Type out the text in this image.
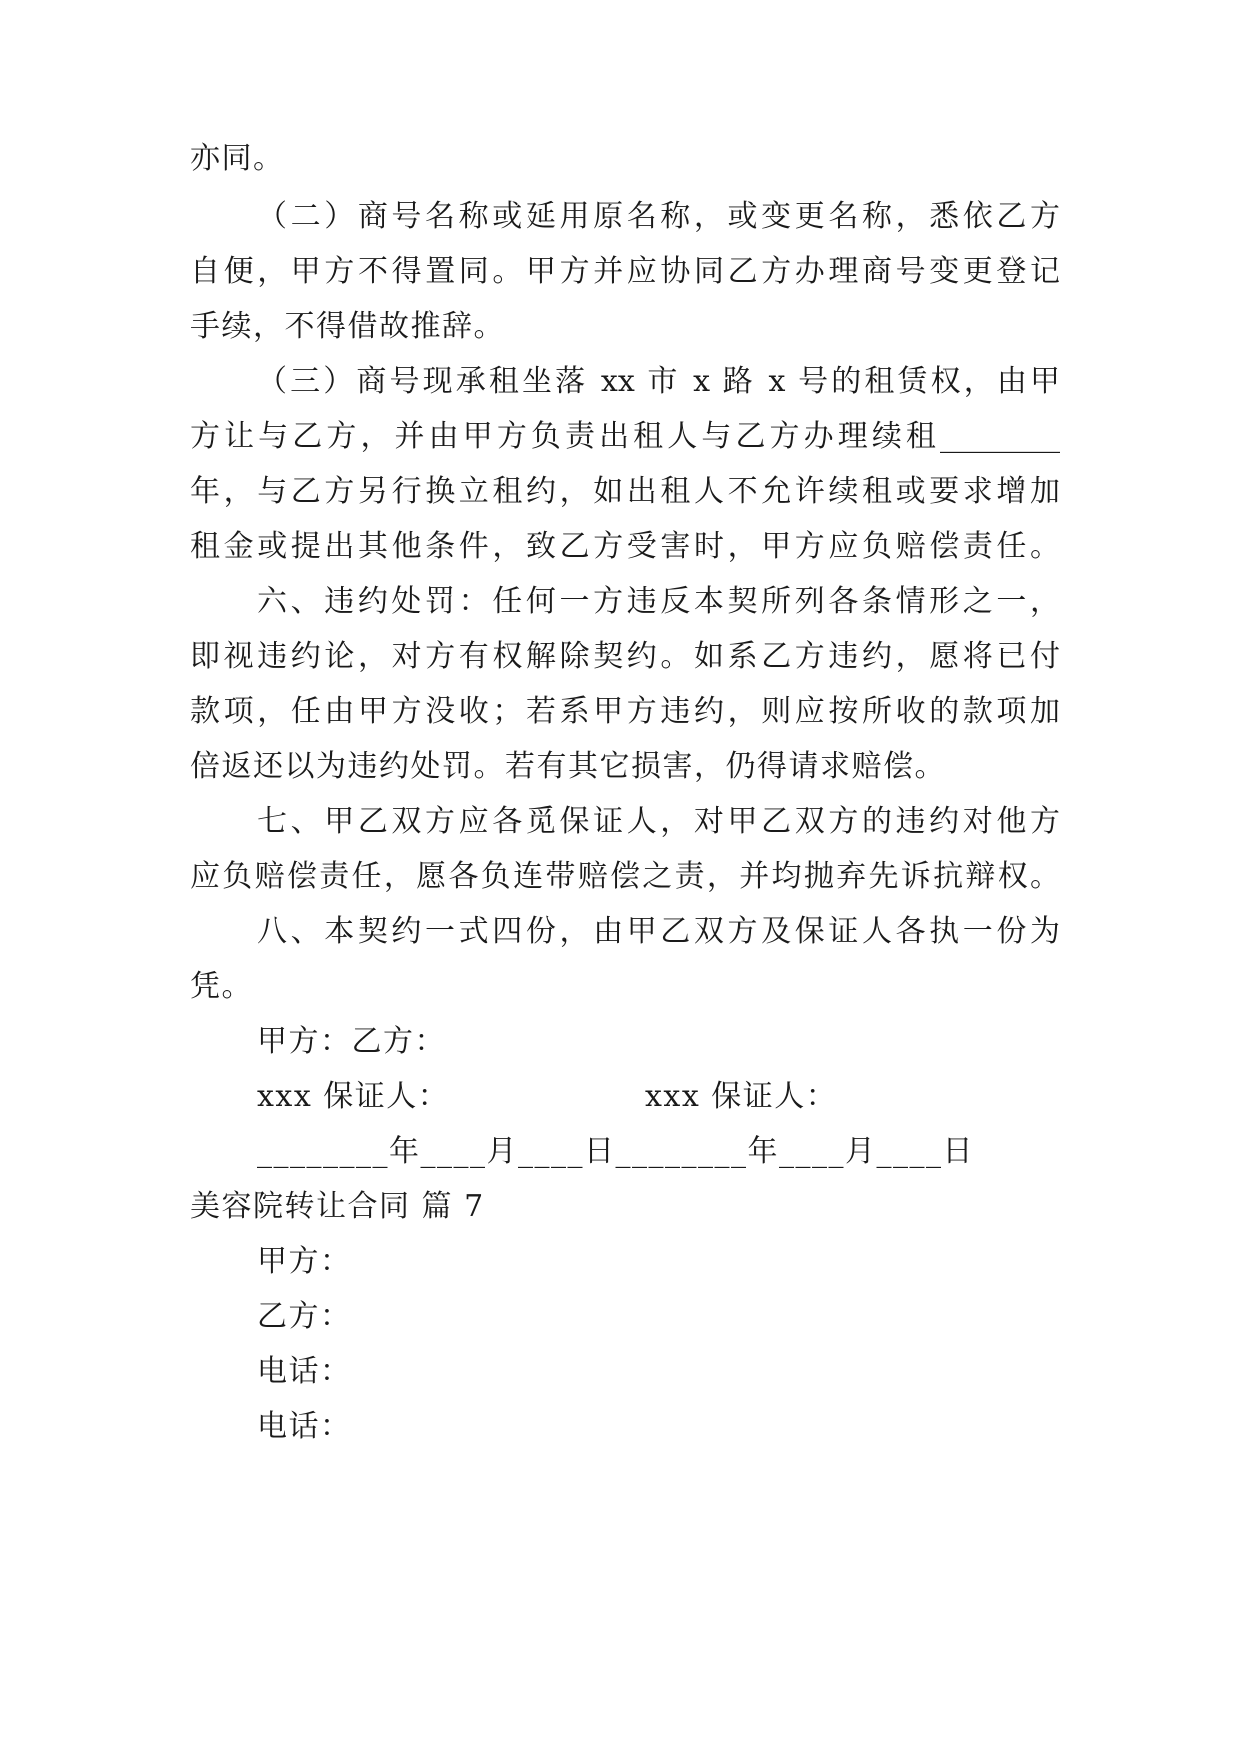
亦同。
（二）商号名称或延用原名称，或变更名称，悉依乙方
自便，甲方不得置同。甲方并应协同乙方办理商号变更登记
手续，不得借故推辞。
（三）商号现承租坐落 xx 市 x 路 x 号的租赁权，由甲
方让与乙方，并由甲方负责出租人与乙方办理续租________
年，与乙方另行换立租约，如出租人不允许续租或要求增加
租金或提出其他条件，致乙方受害时，甲方应负赔偿责任。
六、违约处罚：任何一方违反本契所列各条情形之一，
即视违约论，对方有权解除契约。如系乙方违约，愿将已付
款项，任由甲方没收；若系甲方违约，则应按所收的款项加
倍返还以为违约处罚。若有其它损害，仍得请求赔偿。
七、甲乙双方应各觅保证人，对甲乙双方的违约对他方
应负赔偿责任，愿各负连带赔偿之责，并均抛弃先诉抗辩权。
八、本契约一式四份，由甲乙双方及保证人各执一份为
凭。
甲方：乙方：
xxx 保证人：	xxx 保证人：
________年____月____日________年____月____日
美容院转让合同 篇 7
甲方：
乙方：
电话：
电话：
